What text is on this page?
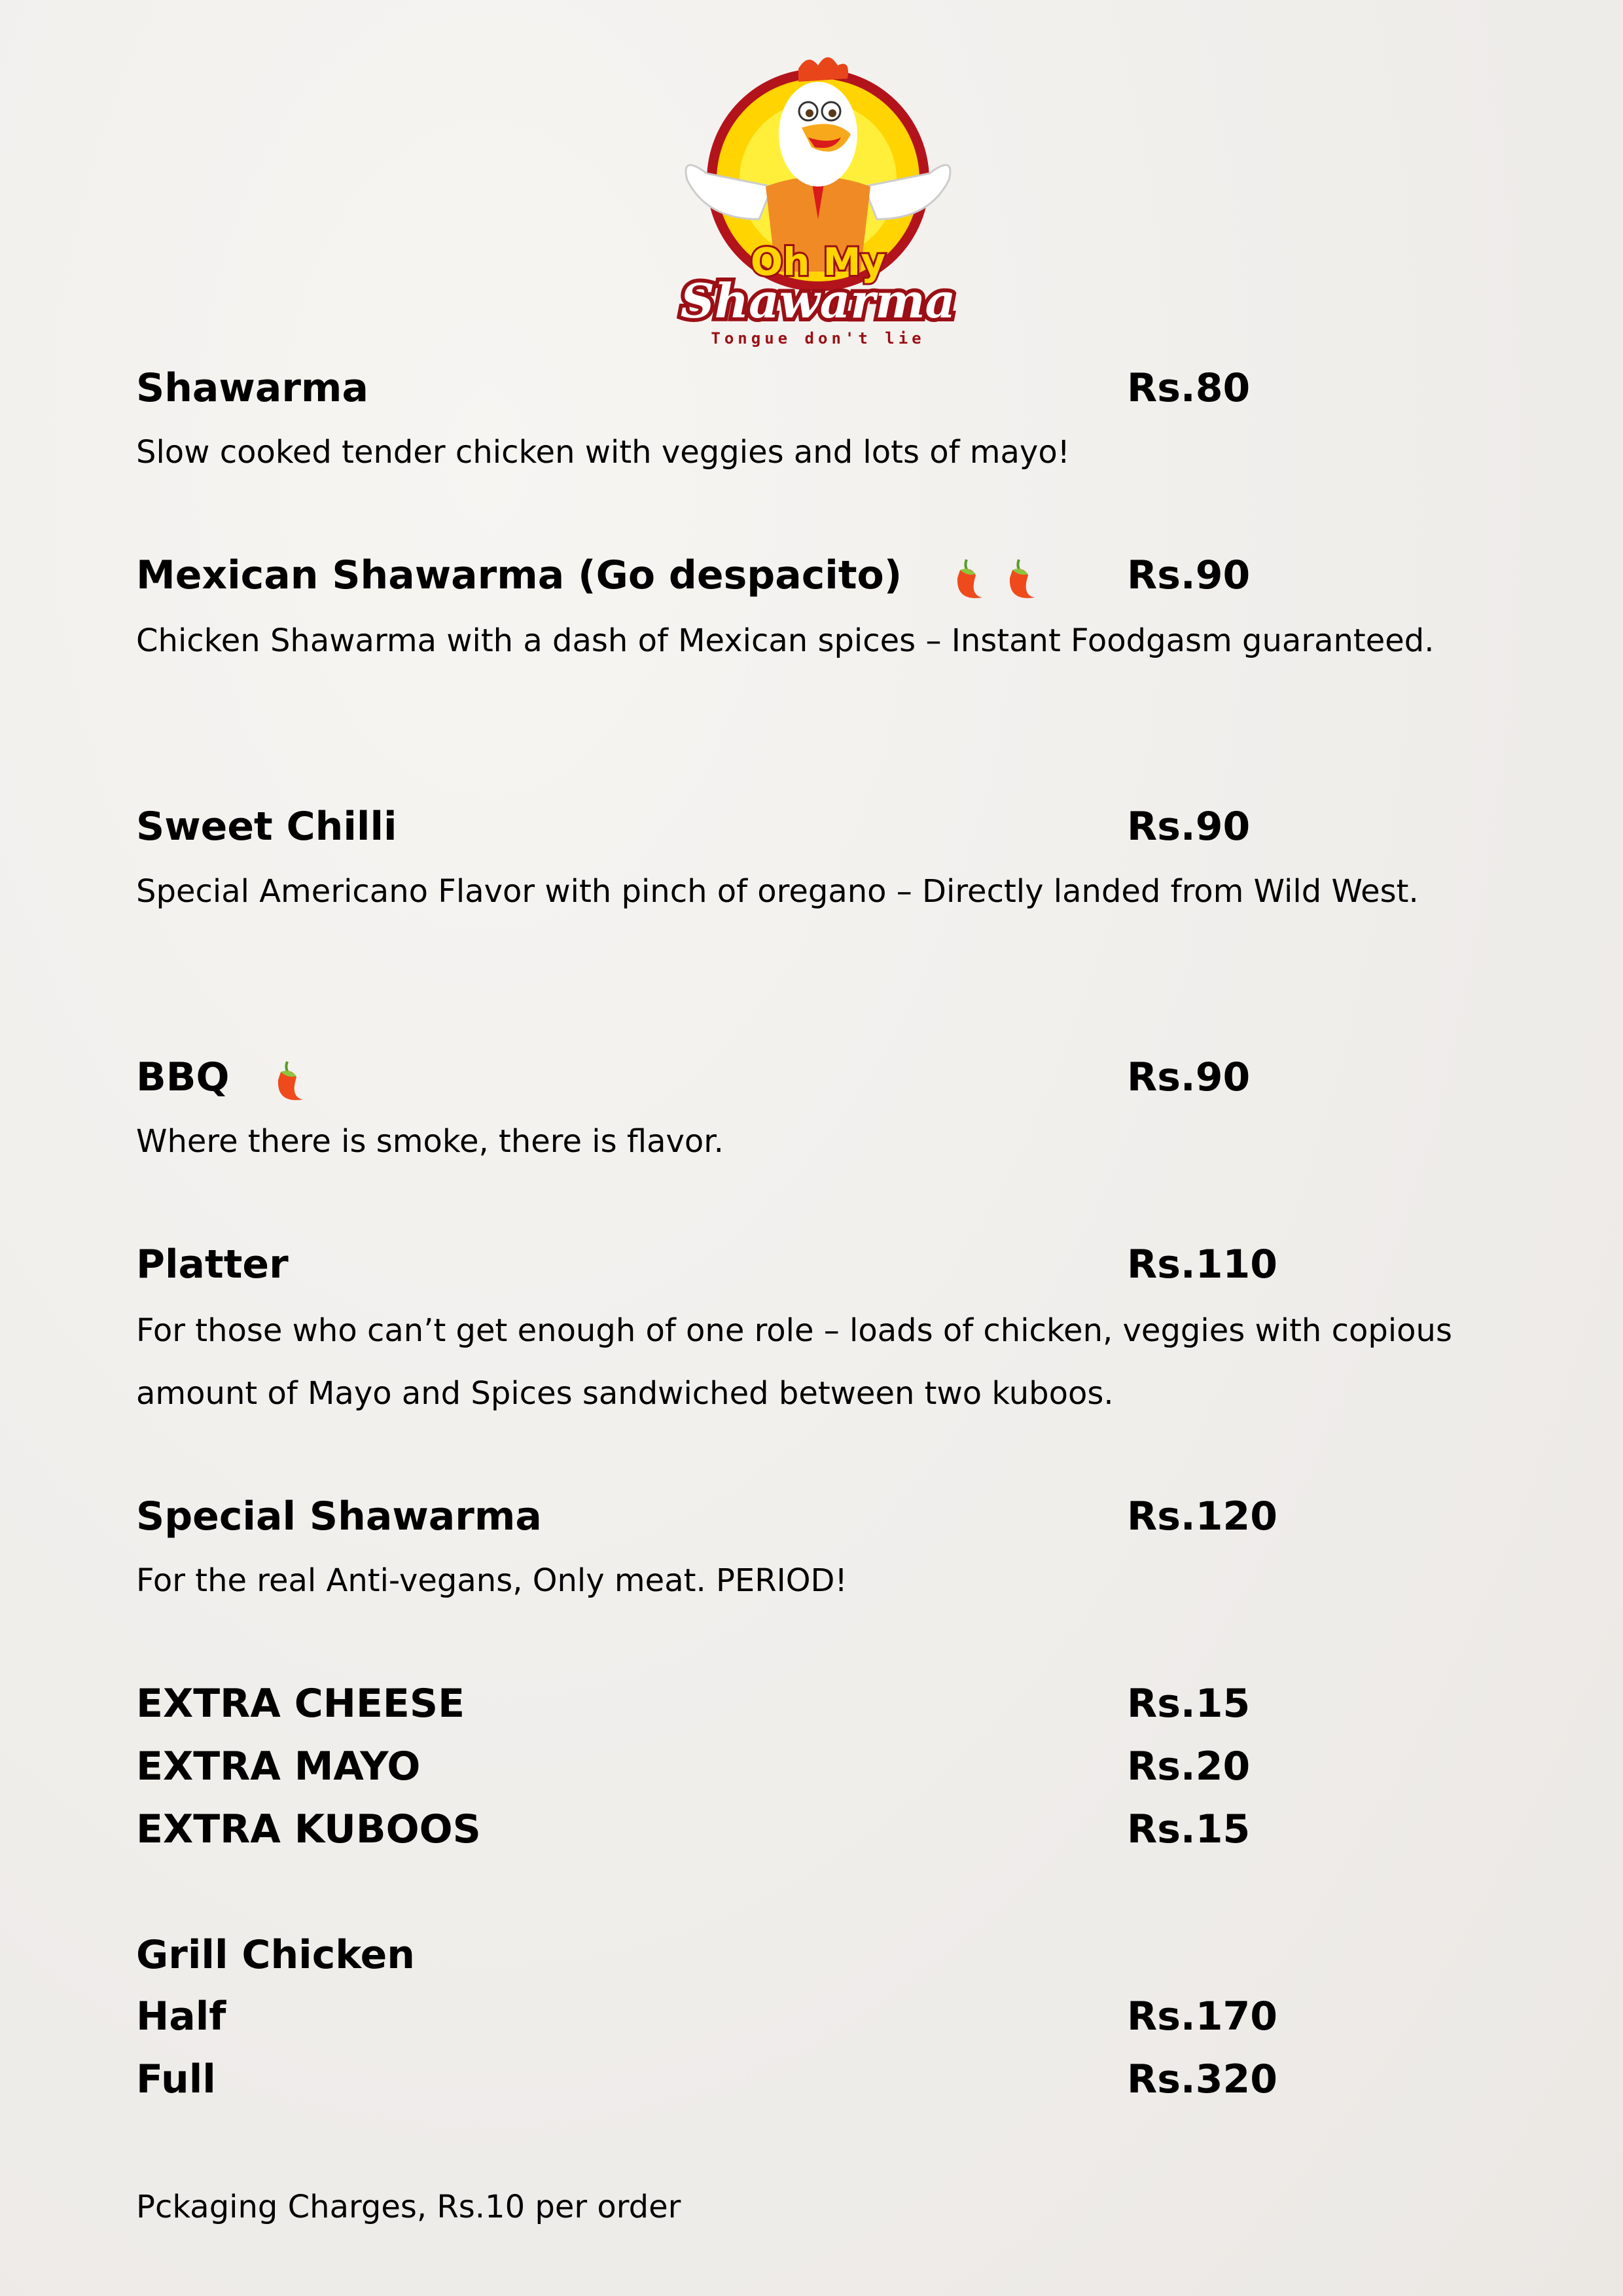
Oh My
Shawarma
Tongue don't lie
Shawarma	Rs.80
Slow cooked tender chicken with veggies and lots of mayo!
Mexican Shawarma (Go despacito)	Rs.90
Chicken Shawarma with a dash of Mexican spices – Instant Foodgasm guaranteed.
Sweet Chilli	Rs.90
Special Americano Flavor with pinch of oregano – Directly landed from Wild West.
BBQ	Rs.90
Where there is smoke, there is flavor.
Platter	Rs.110
For those who can’t get enough of one role – loads of chicken, veggies with copious amount of Mayo and Spices sandwiched between two kuboos.
Special Shawarma	Rs.120
For the real Anti-vegans, Only meat. PERIOD!
EXTRA CHEESE	Rs.15
EXTRA MAYO	Rs.20
EXTRA KUBOOS	Rs.15
Grill Chicken
Half	Rs.170
Full	Rs.320
Pckaging Charges, Rs.10 per order
